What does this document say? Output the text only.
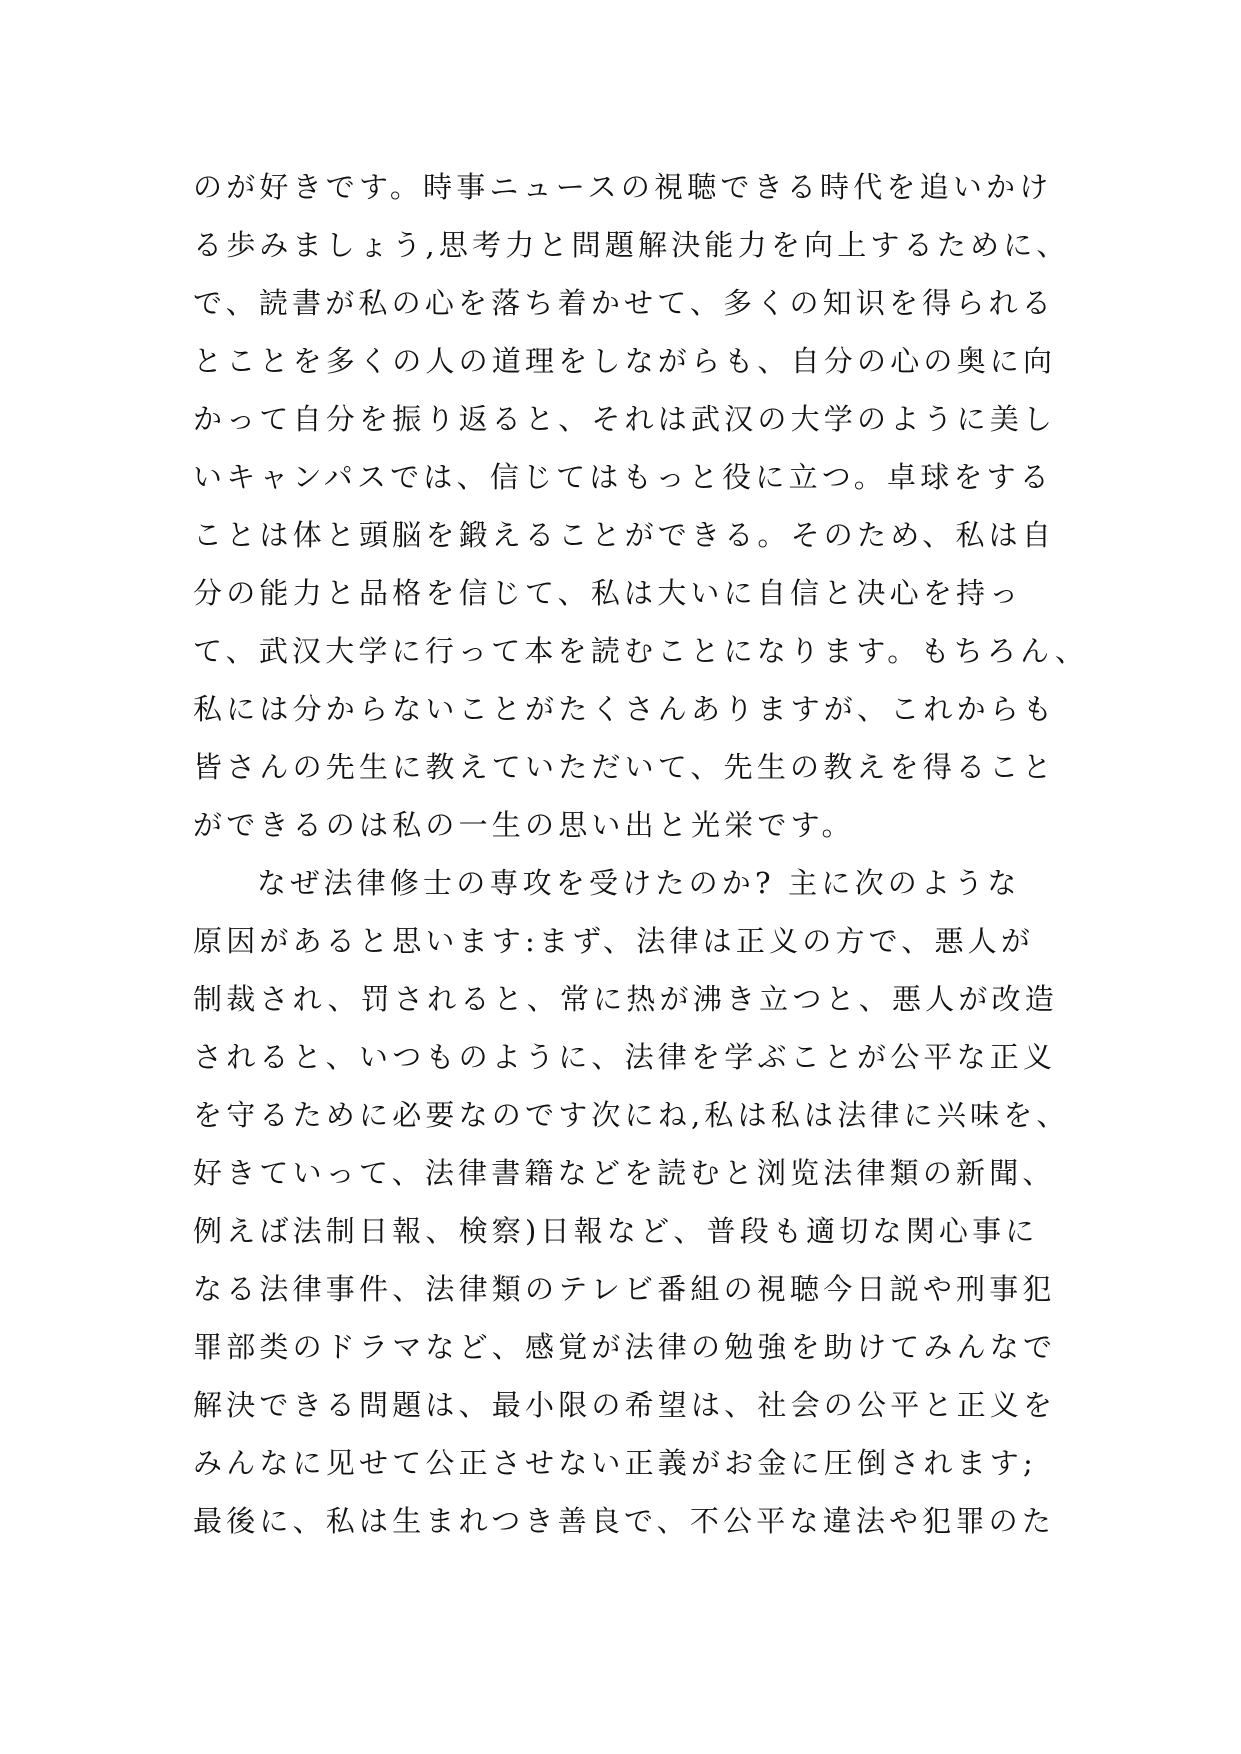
のが好きです。時事ニュースの視聴できる時代を追いかけ
る歩みましょう,思考力と問題解決能力を向上するために、
で、読書が私の心を落ち着かせて、多くの知识を得られる
とことを多くの人の道理をしながらも、自分の心の奥に向
かって自分を振り返ると、それは武汉の大学のように美し
いキャンパスでは、信じてはもっと役に立つ。卓球をする
ことは体と頭脳を鍛えることができる。そのため、私は自
分の能力と品格を信じて、私は大いに自信と决心を持っ
て、武汉大学に行って本を読むことになります。もちろん、
私には分からないことがたくさんありますが、これからも
皆さんの先生に教えていただいて、先生の教えを得ること
ができるのは私の一生の思い出と光栄です。
なぜ法律修士の専攻を受けたのか? 主に次のような
原因があると思います:まず、法律は正义の方で、悪人が
制裁され、罚されると、常に热が沸き立つと、悪人が改造
されると、いつものように、法律を学ぶことが公平な正义
を守るために必要なのです次にね,私は私は法律に兴味を、
好きていって、法律書籍などを読むと浏览法律類の新聞、
例えば法制日報、検察)日報など、普段も適切な関心事に
なる法律事件、法律類のテレビ番組の視聴今日説や刑事犯
罪部类のドラマなど、感覚が法律の勉強を助けてみんなで
解決できる問題は、最小限の希望は、社会の公平と正义を
みんなに见せて公正させない正義がお金に圧倒されます;
最後に、私は生まれつき善良で、不公平な違法や犯罪のた
